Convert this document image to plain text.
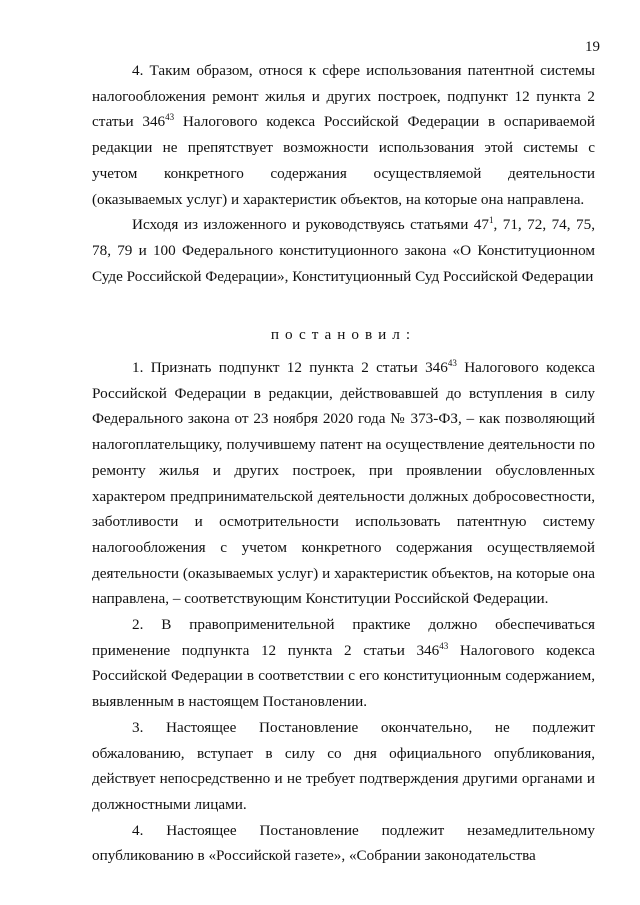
19

4. Таким образом, относя к сфере использования патентной системы налогообложения ремонт жилья и других построек, подпункт 12 пункта 2 статьи $346^{43}$ Налогового кодекса Российской Федерации в оспариваемой редакции не препятствует возможности использования этой системы с учетом конкретного содержания осуществляемой деятельности (оказываемых услуг) и характеристик объектов, на которые она направлена.

Исходя из изложенного и руководствуясь статьями $47^1$, 71, 72, 74, 75, 78, 79 и 100 Федерального конституционного закона «О Конституционном Суде Российской Федерации», Конституционный Суд Российской Федерации

постановил:

1. Признать подпункт 12 пункта 2 статьи $346^{43}$ Налогового кодекса Российской Федерации в редакции, действовавшей до вступления в силу Федерального закона от 23 ноября 2020 года № 373-ФЗ, – как позволяющий налогоплательщику, получившему патент на осуществление деятельности по ремонту жилья и других построек, при проявлении обусловленных характером предпринимательской деятельности должных добросовестности, заботливости и осмотрительности использовать патентную систему налогообложения с учетом конкретного содержания осуществляемой деятельности (оказываемых услуг) и характеристик объектов, на которые она направлена, – соответствующим Конституции Российской Федерации.

2. В правоприменительной практике должно обеспечиваться применение подпункта 12 пункта 2 статьи $346^{43}$ Налогового кодекса Российской Федерации в соответствии с его конституционным содержанием, выявленным в настоящем Постановлении.

3. Настоящее Постановление окончательно, не подлежит обжалованию, вступает в силу со дня официального опубликования, действует непосредственно и не требует подтверждения другими органами и должностными лицами.

4. Настоящее Постановление подлежит незамедлительному опубликованию в «Российской газете», «Собрании законодательства
